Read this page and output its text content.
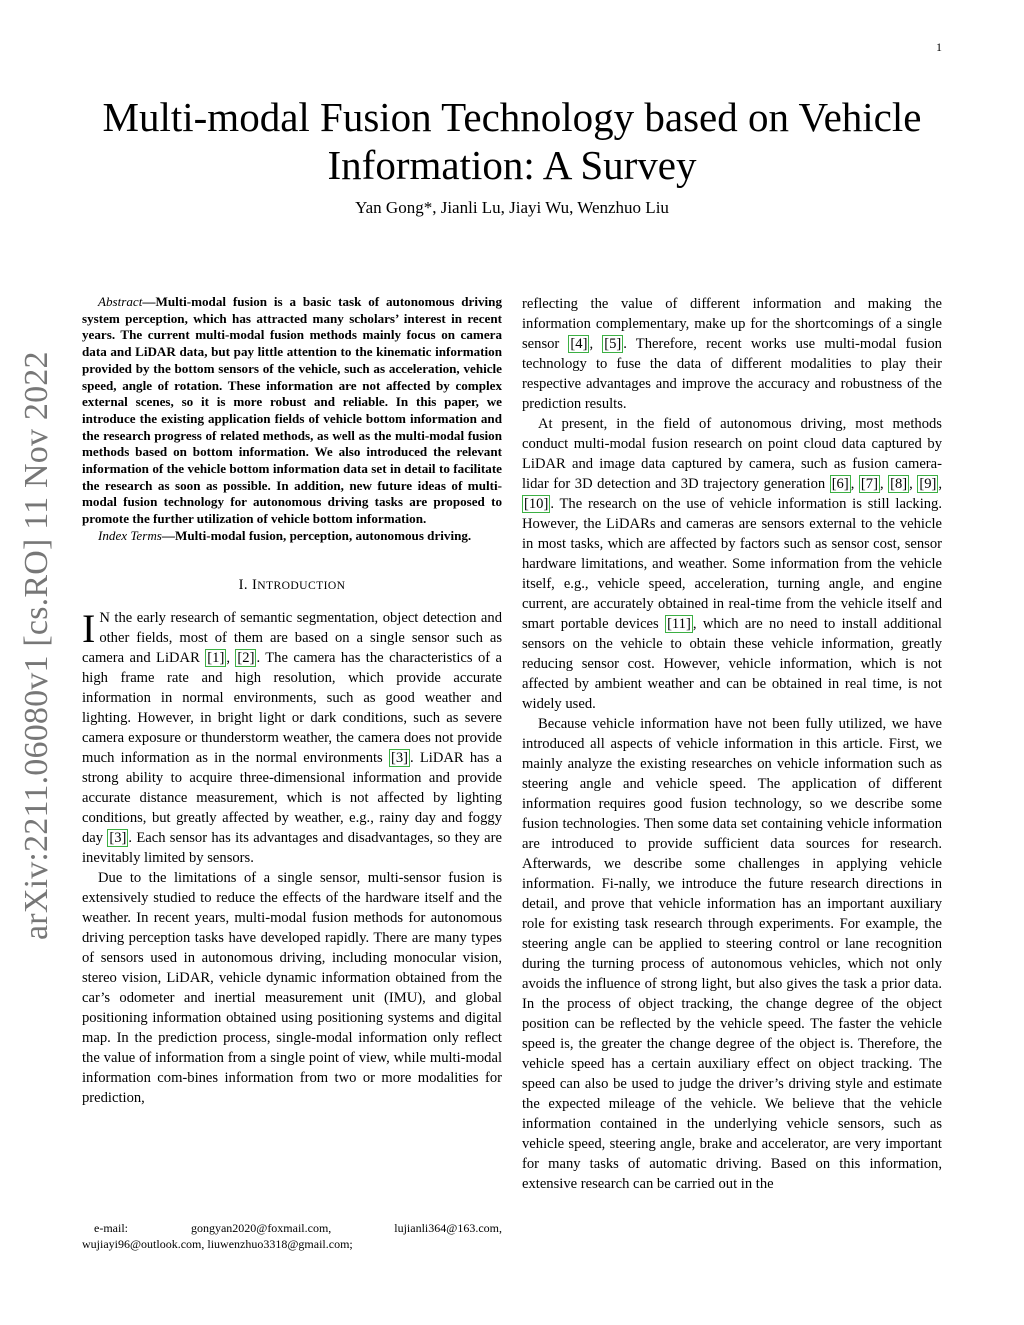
1
arXiv:2211.06080v1 [cs.RO] 11 Nov 2022
Multi-modal Fusion Technology based on Vehicle Information: A Survey
Yan Gong*, Jianli Lu, Jiayi Wu, Wenzhuo Liu

Abstract—Multi-modal fusion is a basic task of autonomous driving system perception, which has attracted many scholars’ interest in recent years. The current multi-modal fusion methods mainly focus on camera data and LiDAR data, but pay little attention to the kinematic information provided by the bottom sensors of the vehicle, such as acceleration, vehicle speed, angle of rotation. These information are not affected by complex external scenes, so it is more robust and reliable. In this paper, we introduce the existing application fields of vehicle bottom information and the research progress of related methods, as well as the multi-modal fusion methods based on bottom information. We also introduced the relevant information of the vehicle bottom information data set in detail to facilitate the research as soon as possible. In addition, new future ideas of multi-modal fusion technology for autonomous driving tasks are proposed to promote the further utilization of vehicle bottom information.

Index Terms—Multi-modal fusion, perception, autonomous driving.

I. INTRODUCTION

I N the early research of semantic segmentation, object detection and other fields, most of them are based on a single sensor such as camera and LiDAR [1] , [2] . The camera has the characteristics of a high frame rate and high resolution, which provide accurate information in normal environments, such as good weather and lighting. However, in bright light or dark conditions, such as severe camera exposure or thunderstorm weather, the camera does not provide much information as in the normal environments [3] . LiDAR has a strong ability to acquire three-dimensional information and provide accurate distance measurement, which is not affected by lighting conditions, but greatly affected by weather, e.g., rainy day and foggy day [3] . Each sensor has its advantages and disadvantages, so they are inevitably limited by sensors.

Due to the limitations of a single sensor, multi-sensor fusion is extensively studied to reduce the effects of the hardware itself and the weather. In recent years, multi-modal fusion methods for autonomous driving perception tasks have developed rapidly. There are many types of sensors used in autonomous driving, including monocular vision, stereo vision, LiDAR, vehicle dynamic information obtained from the car’s odometer and inertial measurement unit (IMU), and global positioning information obtained using positioning systems and digital map. In the prediction process, single-modal information only reflect the value of information from a single point of view, while multi-modal information com-bines information from two or more modalities for prediction,

e-mail:	gongyan2020@foxmail.com,	lujianli364@163.com,
wujiayi96@outlook.com, liuwenzhuo3318@gmail.com;

reflecting the value of different information and making the information complementary, make up for the shortcomings of a single sensor [4] , [5] . Therefore, recent works use multi-modal fusion technology to fuse the data of different modalities to play their respective advantages and improve the accuracy and robustness of the prediction results.

At present, in the field of autonomous driving, most methods conduct multi-modal fusion research on point cloud data captured by LiDAR and image data captured by camera, such as fusion camera-lidar for 3D detection and 3D trajectory generation [6] , [7] , [8] , [9] , [10] . The research on the use of vehicle information is still lacking. However, the LiDARs and cameras are sensors external to the vehicle in most tasks, which are affected by factors such as sensor cost, sensor hardware limitations, and weather. Some information from the vehicle itself, e.g., vehicle speed, acceleration, turning angle, and engine current, are accurately obtained in real-time from the vehicle itself and smart portable devices [11] , which are no need to install additional sensors on the vehicle to obtain these vehicle information, greatly reducing sensor cost. However, vehicle information, which is not affected by ambient weather and can be obtained in real time, is not widely used.

Because vehicle information have not been fully utilized, we have introduced all aspects of vehicle information in this article. First, we mainly analyze the existing researches on vehicle information such as steering angle and vehicle speed. The application of different information requires good fusion technology, so we describe some fusion technologies. Then some data set containing vehicle information are introduced to provide sufficient data sources for research. Afterwards, we describe some challenges in applying vehicle information. Fi-nally, we introduce the future research directions in detail, and prove that vehicle information has an important auxiliary role for existing task research through experiments. For example, the steering angle can be applied to steering control or lane recognition during the turning process of autonomous vehicles, which not only avoids the influence of strong light, but also gives the task a prior data. In the process of object tracking, the change degree of the object position can be reflected by the vehicle speed. The faster the vehicle speed is, the greater the change degree of the object is. Therefore, the vehicle speed has a certain auxiliary effect on object tracking. The speed can also be used to judge the driver’s driving style and estimate the expected mileage of the vehicle. We believe that the vehicle information contained in the underlying vehicle sensors, such as vehicle speed, steering angle, brake and accelerator, are very important for many tasks of automatic driving. Based on this information, extensive research can be carried out in the
